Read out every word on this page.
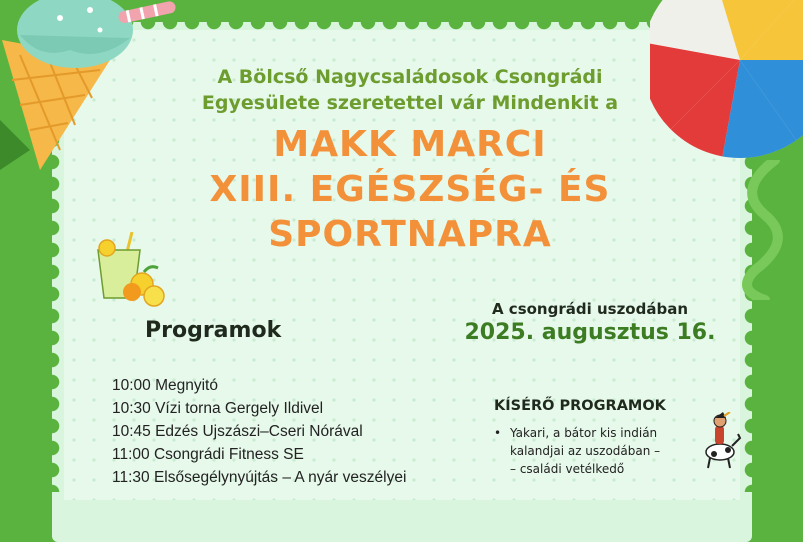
A Bölcső Nagycsaládosok Csongrádi
Egyesülete szeretettel vár Mindenkit a
MAKK MARCI
XIII. EGÉSZSÉG- ÉS
SPORTNAPRA
A csongrádi uszodában
2025. augusztus 16.
Programok
10:00 Megnyitó
10:30 Vízi torna Gergely Ildivel
10:45 Edzés Ujszászi–Cseri Nórával
11:00 Csongrádi Fitness SE
11:30 Elsősegélynyújtás – A nyár veszélyei
KÍSÉRŐ PROGRAMOK
• Yakari, a bátor kis indián
kalandjai az uszodában –
– családi vetélkedő
